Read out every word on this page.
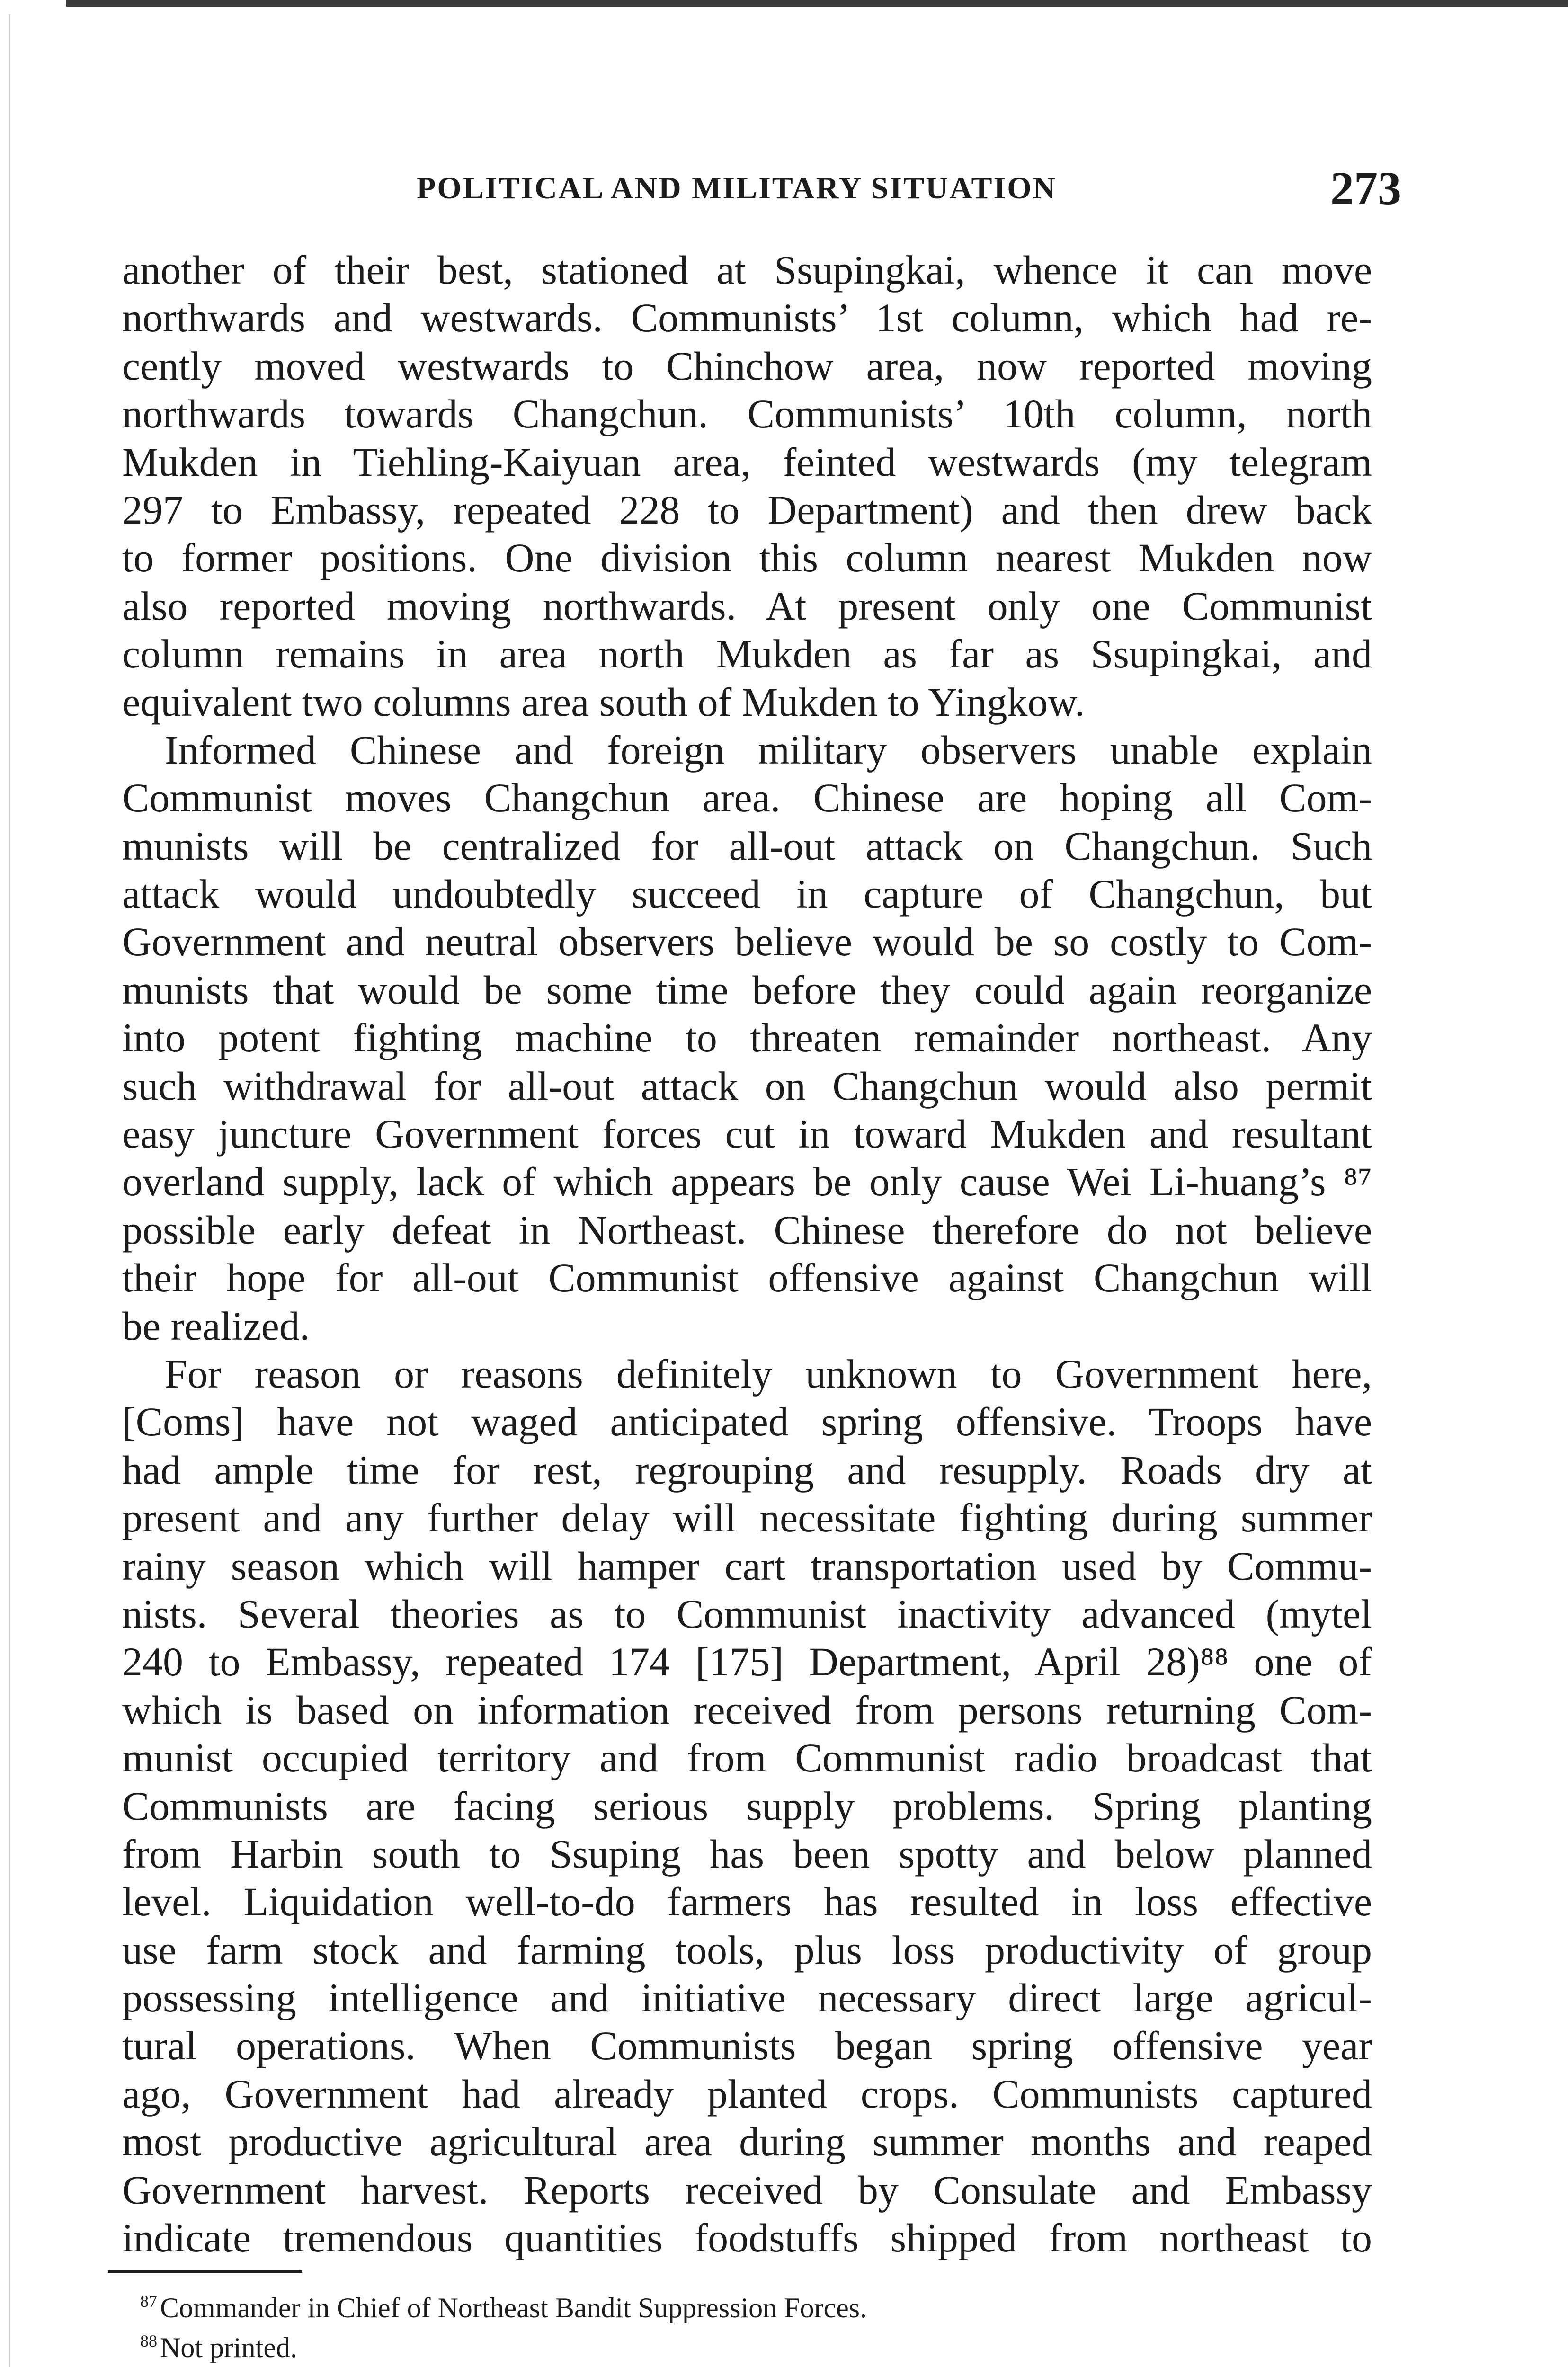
POLITICAL AND MILITARY SITUATION	273
another of their best, stationed at Ssupingkai, whence it can move
northwards and westwards. Communists’ 1st column, which had re-
cently moved westwards to Chinchow area, now reported moving
northwards towards Changchun. Communists’ 10th column, north
Mukden in Tiehling-Kaiyuan area, feinted westwards (my telegram
297 to Embassy, repeated 228 to Department) and then drew back
to former positions. One division this column nearest Mukden now
also reported moving northwards. At present only one Communist
column remains in area north Mukden as far as Ssupingkai, and
equivalent two columns area south of Mukden to Yingkow.
Informed Chinese and foreign military observers unable explain
Communist moves Changchun area. Chinese are hoping all Com-
munists will be centralized for all-out attack on Changchun. Such
attack would undoubtedly succeed in capture of Changchun, but
Government and neutral observers believe would be so costly to Com-
munists that would be some time before they could again reorganize
into potent fighting machine to threaten remainder northeast. Any
such withdrawal for all-out attack on Changchun would also permit
easy juncture Government forces cut in toward Mukden and resultant
overland supply, lack of which appears be only cause Wei Li-huang’s ⁸⁷
possible early defeat in Northeast. Chinese therefore do not believe
their hope for all-out Communist offensive against Changchun will
be realized.
For reason or reasons definitely unknown to Government here,
[Coms] have not waged anticipated spring offensive. Troops have
had ample time for rest, regrouping and resupply. Roads dry at
present and any further delay will necessitate fighting during summer
rainy season which will hamper cart transportation used by Commu-
nists. Several theories as to Communist inactivity advanced (mytel
240 to Embassy, repeated 174 [175] Department, April 28)⁸⁸ one of
which is based on information received from persons returning Com-
munist occupied territory and from Communist radio broadcast that
Communists are facing serious supply problems. Spring planting
from Harbin south to Ssuping has been spotty and below planned
level. Liquidation well-to-do farmers has resulted in loss effective
use farm stock and farming tools, plus loss productivity of group
possessing intelligence and initiative necessary direct large agricul-
tural operations. When Communists began spring offensive year
ago, Government had already planted crops. Communists captured
most productive agricultural area during summer months and reaped
Government harvest. Reports received by Consulate and Embassy
indicate tremendous quantities foodstuffs shipped from northeast to
$^{87}$ Commander in Chief of Northeast Bandit Suppression Forces.
$^{88}$ Not printed.
